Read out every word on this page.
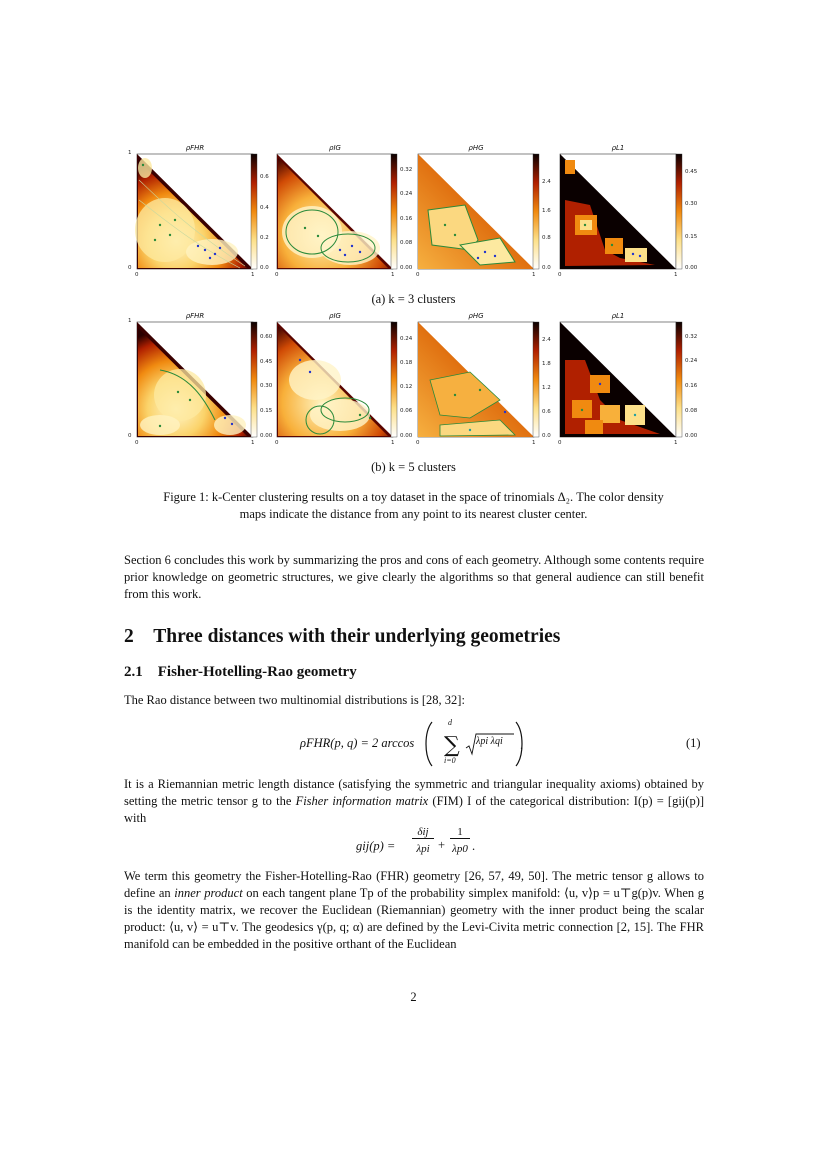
ρFHR	ρIG	ρHG	ρL1
1
0
0	1	0	1	0	1	0	1
0.0
0.2
0.4
0.6
0.00
0.08
0.16
0.24
0.32
0.0
0.8
1.6
2.4
0.00
0.15
0.30
0.45
(a) k = 3 clusters
ρFHR	ρIG	ρHG	ρL1
1
0
0	1	0	1	0	1	0	1
0.00
0.15
0.30
0.45
0.60
0.00
0.06
0.12
0.18
0.24
0.0
0.6
1.2
1.8
2.4
0.00
0.08
0.16
0.24
0.32
(b) k = 5 clusters
Figure 1: k-Center clustering results on a toy dataset in the space of trinomials Δ₂. The color density
maps indicate the distance from any point to its nearest cluster center.
Section 6 concludes this work by summarizing the pros and cons of each geometry. Although some contents require prior knowledge on geometric structures, we give clearly the algorithms so that general audience can still benefit from this work.
2 Three distances with their underlying geometries
2.1 Fisher-Hotelling-Rao geometry
The Rao distance between two multinomial distributions is [28, 32]:
ρFHR(p, q) = 2 arccos ∑
d
i=0
λpi λqi .	(1)
It is a Riemannian metric length distance (satisfying the symmetric and triangular inequality axioms) obtained by setting the metric tensor g to the Fisher information matrix (FIM) I of the categorical distribution: I(p) = [gij(p)] with
gij(p) =
δij
λpi +
1
λp0 .
We term this geometry the Fisher-Hotelling-Rao (FHR) geometry [26, 57, 49, 50]. The metric tensor g allows to define an inner product on each tangent plane Tp of the probability simplex manifold: ⟨u, v⟩p = u⊤g(p)v. When g is the identity matrix, we recover the Euclidean (Riemannian) geometry with the inner product being the scalar product: ⟨u, v⟩ = u⊤v. The geodesics γ(p, q; α) are defined by the Levi-Civita metric connection [2, 15]. The FHR manifold can be embedded in the positive orthant of the Euclidean
2
